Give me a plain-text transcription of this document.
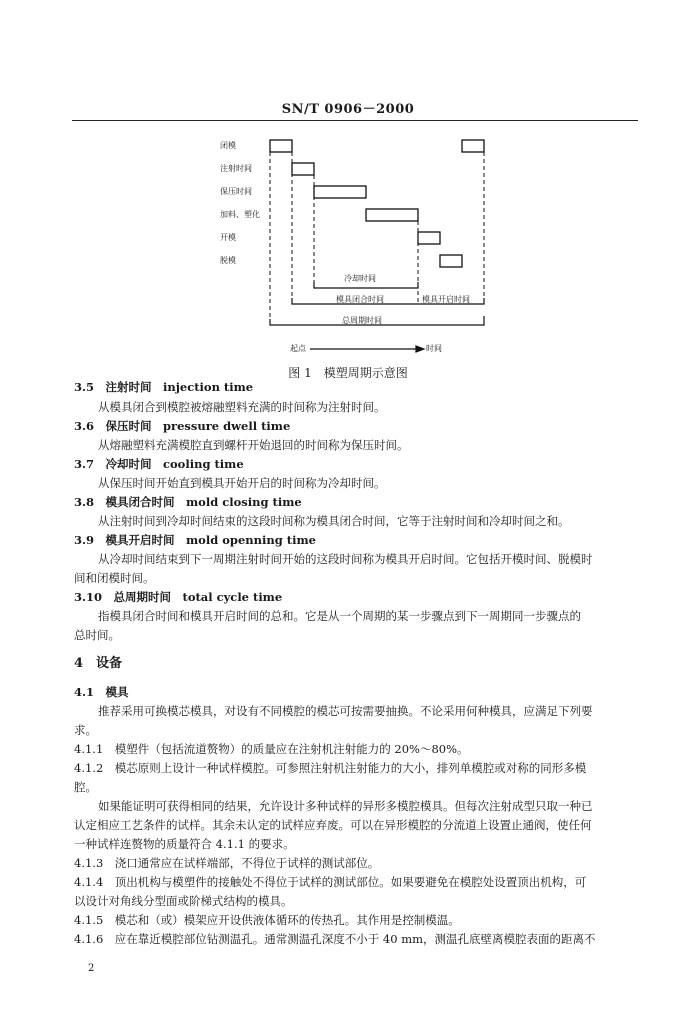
SN/T 0906－2000
闭模
注射时间
保压时间
加料、塑化
开模
脱模
冷却时间
模具闭合时间	模具开启时间
总周期时间
起点	时间
图 1　模塑周期示意图
3.5　注射时间　injection time
从模具闭合到模腔被熔融塑料充满的时间称为注射时间。
3.6　保压时间　pressure dwell time
从熔融塑料充满模腔直到螺杆开始退回的时间称为保压时间。
3.7　冷却时间　cooling time
从保压时间开始直到模具开始开启的时间称为冷却时间。
3.8　模具闭合时间　mold closing time
从注射时间到冷却时间结束的这段时间称为模具闭合时间，它等于注射时间和冷却时间之和。
3.9　模具开启时间　mold openning time
从冷却时间结束到下一周期注射时间开始的这段时间称为模具开启时间。它包括开模时间、脱模时
间和闭模时间。
3.10　总周期时间　total cycle time
指模具闭合时间和模具开启时间的总和。它是从一个周期的某一步骤点到下一周期同一步骤点的
总时间。
4　设备
4.1　模具
推荐采用可换模芯模具，对设有不同模腔的模芯可按需要抽换。不论采用何种模具，应满足下列要
求。
4.1.1　模塑件（包括流道赘物）的质量应在注射机注射能力的 20%～80%。
4.1.2　模芯原则上设计一种试样模腔。可参照注射机注射能力的大小，排列单模腔或对称的同形多模
腔。
如果能证明可获得相同的结果，允许设计多种试样的异形多模腔模具。但每次注射成型只取一种已
认定相应工艺条件的试样。其余未认定的试样应弃废。可以在异形模腔的分流道上设置止通阀，使任何
一种试样连赘物的质量符合 4.1.1 的要求。
4.1.3　浇口通常应在试样端部，不得位于试样的测试部位。
4.1.4　顶出机构与模塑件的接触处不得位于试样的测试部位。如果要避免在模腔处设置顶出机构，可
以设计对角线分型面或阶梯式结构的模具。
4.1.5　模芯和（或）模架应开设供液体循环的传热孔。其作用是控制模温。
4.1.6　应在靠近模腔部位钻测温孔。通常测温孔深度不小于 40 mm，测温孔底壁离模腔表面的距离不
2
